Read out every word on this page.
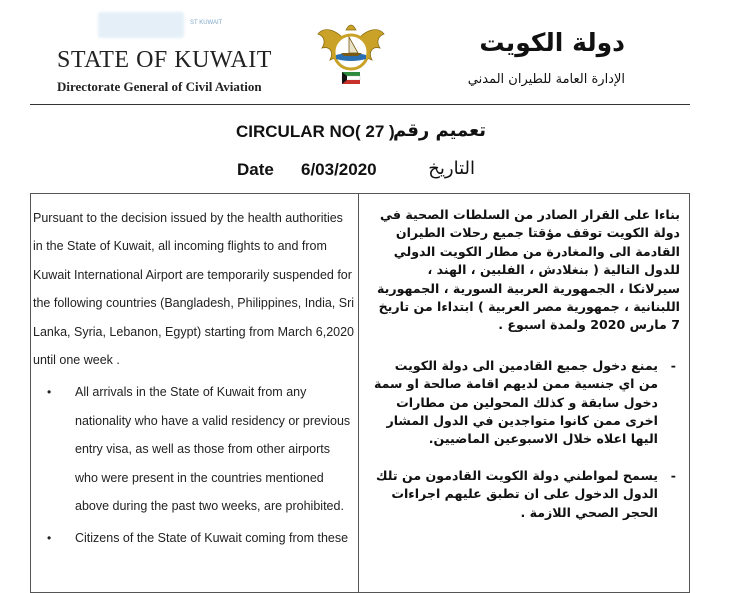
ST KUWAIT
STATE OF KUWAIT
Directorate General of Civil Aviation
دولة الكويت
الإدارة العامة للطيران المدني
CIRCULAR NO( 27 )
تعميم رقم
Date 6/03/2020	التاريخ

Pursuant to the decision issued by the health authorities in the State of Kuwait, all incoming flights to and from Kuwait International Airport are temporarily suspended for the following countries (Bangladesh, Philippines, India, Sri Lanka, Syria, Lebanon, Egypt) starting from March 6,2020 until one week .

• All arrivals in the State of Kuwait from any nationality who have a valid residency or previous entry visa, as well as those from other airports who were present in the countries mentioned above during the past two weeks, are prohibited.
• Citizens of the State of Kuwait coming from these

بناءا على القرار الصادر من السلطات الصحية في دولة الكويت توقف مؤقتا جميع رحلات الطيران القادمة الى والمغادرة من مطار الكويت الدولي للدول التالية ( بنغلادش ، الفلبين ، الهند ، سيرلانكا ، الجمهورية العربية السورية ، الجمهورية اللبنانية ، جمهورية مصر العربية ) ابتداءا من تاريخ 7 مارس 2020 ولمدة اسبوع .

- يمنع دخول جميع القادمين الى دولة الكويت من اي جنسية ممن لديهم اقامة صالحة او سمة دخول سابقة و كذلك المحولين من مطارات اخرى ممن كانوا متواجدين في الدول المشار اليها اعلاه خلال الاسبوعين الماضيين.
- يسمح لمواطني دولة الكويت القادمون من تلك الدول الدخول على ان تطبق عليهم اجراءات الحجر الصحي اللازمة .
